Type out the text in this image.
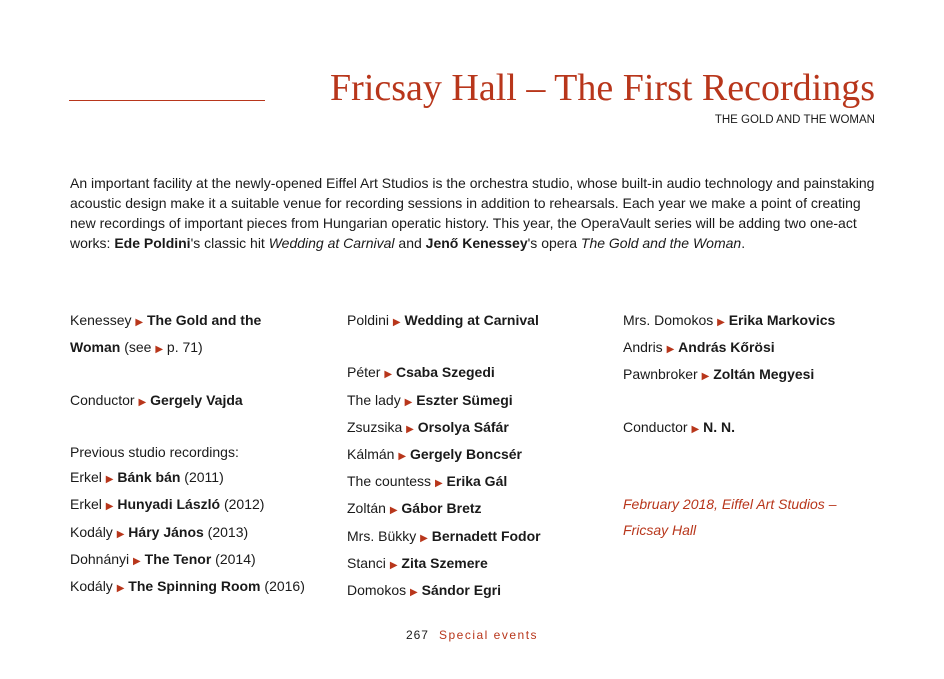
Fricsay Hall – The First Recordings
THE GOLD AND THE WOMAN

An important facility at the newly-opened Eiffel Art Studios is the orchestra studio, whose built-in audio technology and painstaking acoustic design make it a suitable venue for recording sessions in addition to rehearsals. Each year we make a point of creating new recordings of important pieces from Hungarian operatic history. This year, the OperaVault series will be adding two one-act works: Ede Poldini's classic hit Wedding at Carnival and Jenő Kenessey's opera The Gold and the Woman.

Kenessey ▶ The Gold and the
Woman (see ▶ p. 71)
Conductor ▶ Gergely Vajda
Previous studio recordings:
Erkel ▶ Bánk bán (2011)
Erkel ▶ Hunyadi László (2012)
Kodály ▶ Háry János (2013)
Dohnányi ▶ The Tenor (2014)
Kodály ▶ The Spinning Room (2016)
Poldini ▶ Wedding at Carnival
Péter ▶ Csaba Szegedi
The lady ▶ Eszter Sümegi
Zsuzsika ▶ Orsolya Sáfár
Kálmán ▶ Gergely Boncsér
The countess ▶ Erika Gál
Zoltán ▶ Gábor Bretz
Mrs. Bükky ▶ Bernadett Fodor
Stanci ▶ Zita Szemere
Domokos ▶ Sándor Egri
Mrs. Domokos ▶ Erika Markovics
Andris ▶ András Kőrösi
Pawnbroker ▶ Zoltán Megyesi
Conductor ▶ N. N.
February 2018, Eiffel Art Studios –
Fricsay Hall
267 Special events
